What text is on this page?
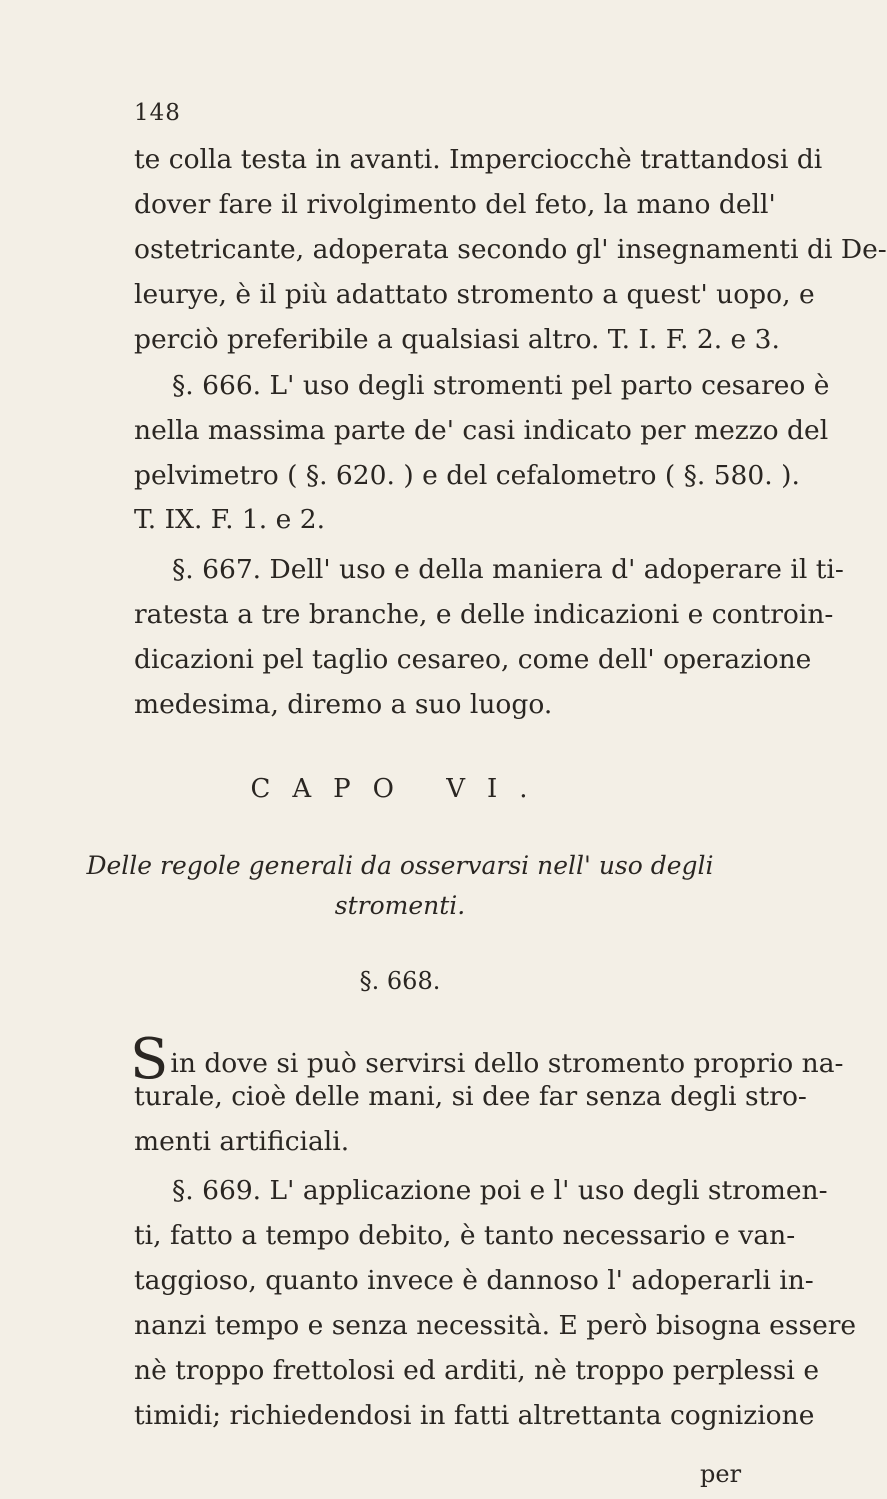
148
te colla testa in avanti. Imperciocchè trattandosi di
dover fare il rivolgimento del feto, la mano dell'
ostetricante, adoperata secondo gl' insegnamenti di De-
leurye, è il più adattato stromento a quest' uopo, e
perciò preferibile a qualsiasi altro. T. I. F. 2. e 3.
§. 666. L' uso degli stromenti pel parto cesareo è
nella massima parte de' casi indicato per mezzo del
pelvimetro ( §. 620. ) e del cefalometro ( §. 580. ).
T. IX. F. 1. e 2.
§. 667. Dell' uso e della maniera d' adoperare il ti-
ratesta a tre branche, e delle indicazioni e controin-
dicazioni pel taglio cesareo, come dell' operazione
medesima, diremo a suo luogo.
CAPO VI.
Delle regole generali da osservarsi nell' uso degli
stromenti.
§. 668.
Sin dove si può servirsi dello stromento proprio na-
turale, cioè delle mani, si dee far senza degli stro-
menti artificiali.
§. 669. L' applicazione poi e l' uso degli stromen-
ti, fatto a tempo debito, è tanto necessario e van-
taggioso, quanto invece è dannoso l' adoperarli in-
nanzi tempo e senza necessità. E però bisogna essere
nè troppo frettolosi ed arditi, nè troppo perplessi e
timidi; richiedendosi in fatti altrettanta cognizione
per
